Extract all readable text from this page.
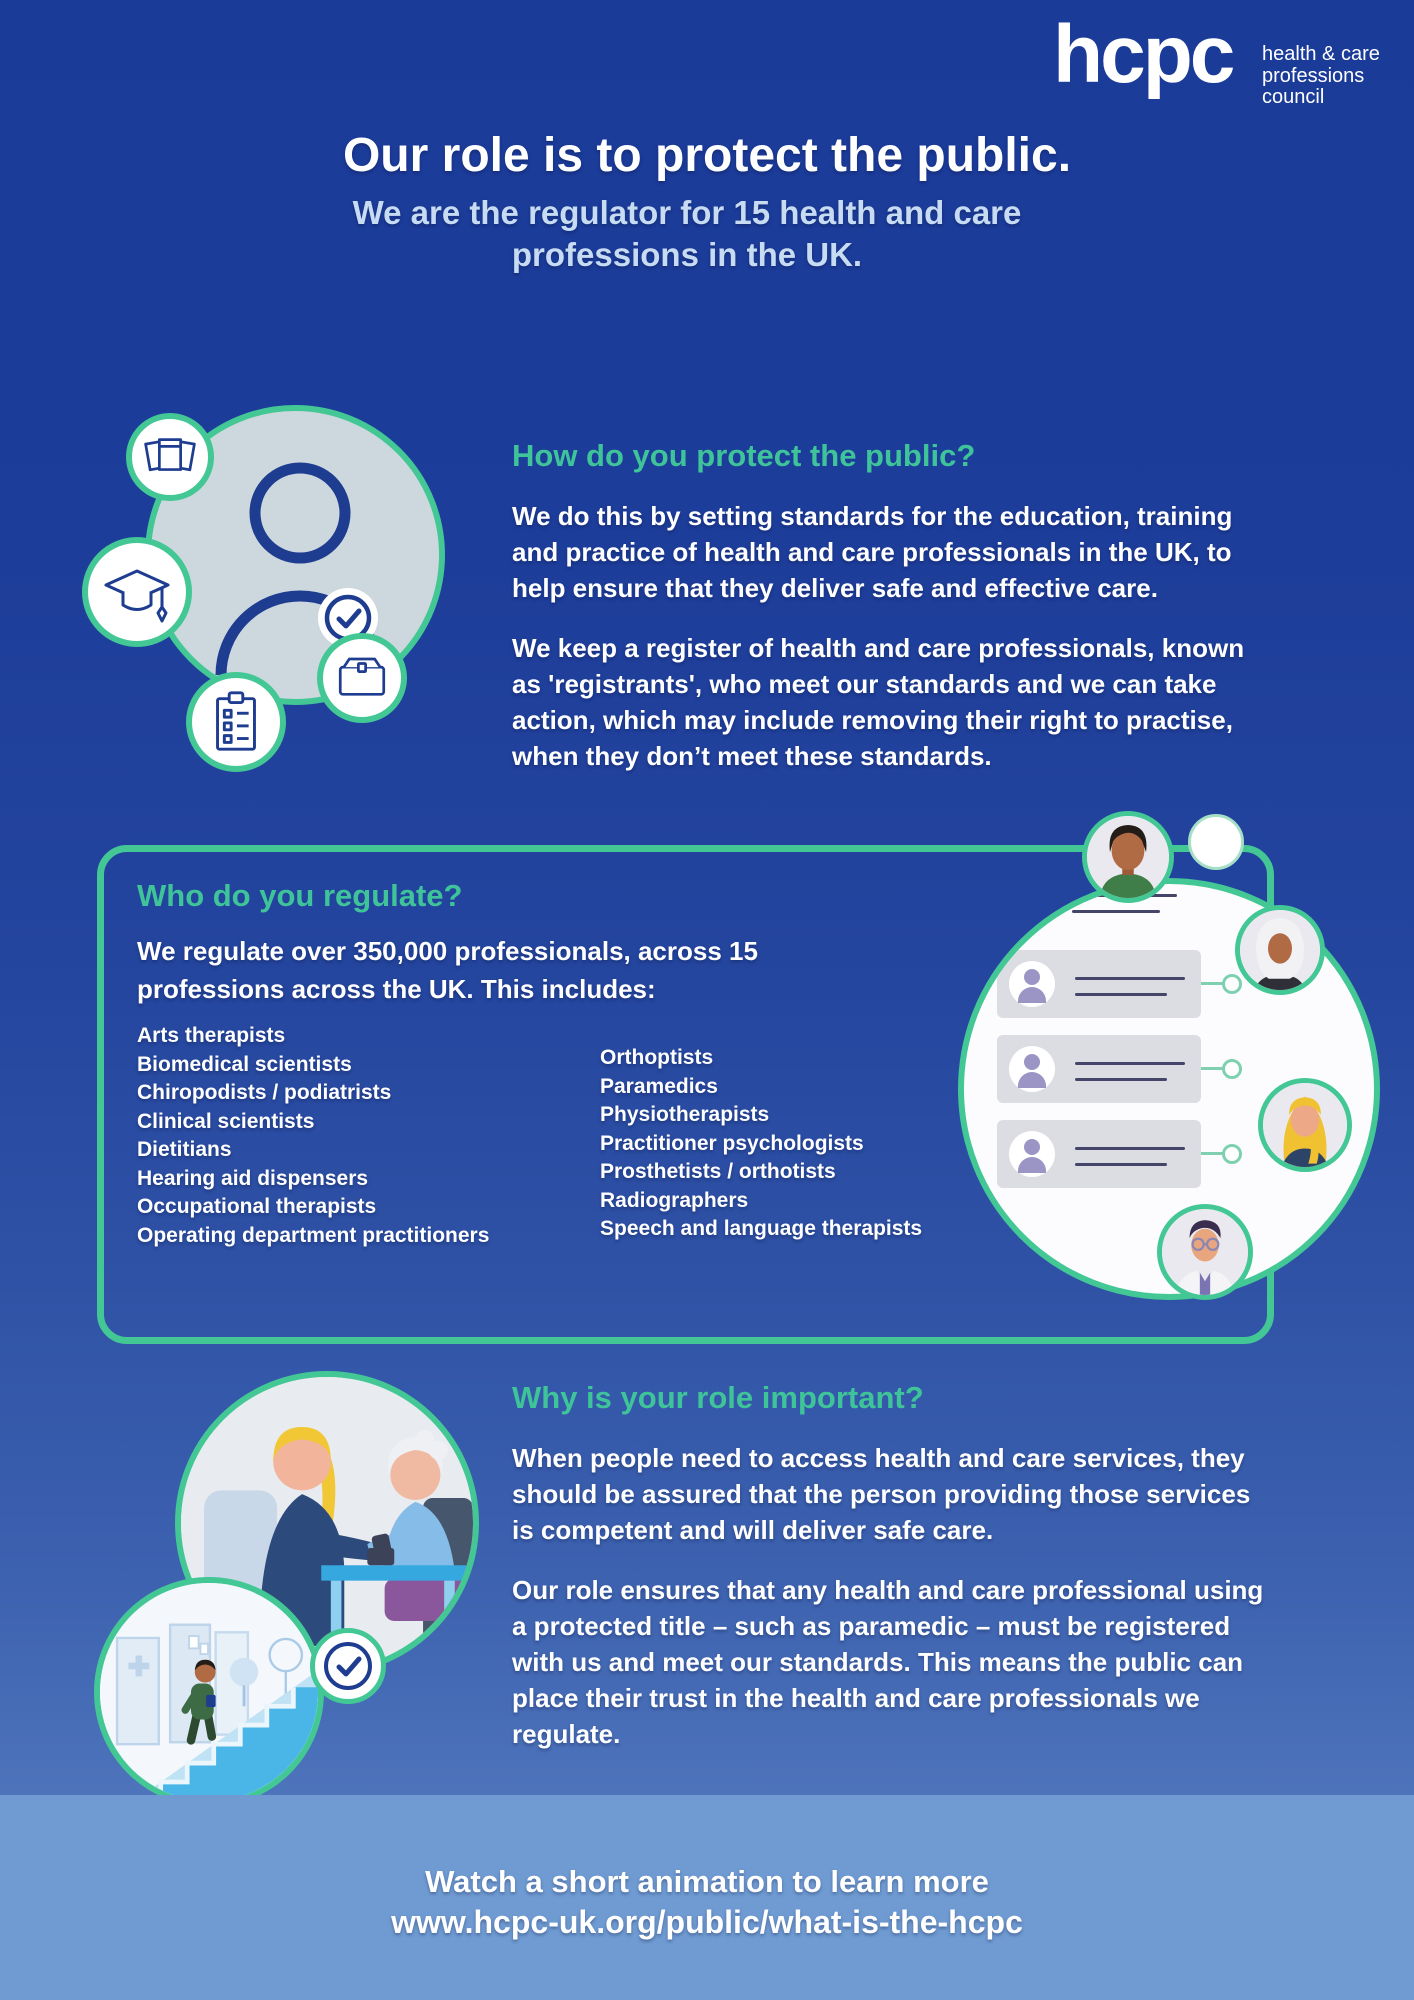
hcpc health & care
professions
council
Our role is to protect the public.
We are the regulator for 15 health and care professions in the UK.
How do you protect the public?

We do this by setting standards for the education, training and practice of health and care professionals in the UK, to help ensure that they deliver safe and effective care.

We keep a register of health and care professionals, known as 'registrants', who meet our standards and we can take action, which may include removing their right to practise, when they don’t meet these standards.

Who do you regulate?
We regulate over 350,000 professionals, across 15 professions across the UK. This includes:
Arts therapists
Biomedical scientists
Chiropodists / podiatrists
Clinical scientists
Dietitians
Hearing aid dispensers
Occupational therapists
Operating department practitioners
Orthoptists
Paramedics
Physiotherapists
Practitioner psychologists
Prosthetists / orthotists
Radiographers
Speech and language therapists
Why is your role important?

When people need to access health and care services, they should be assured that the person providing those services is competent and will deliver safe care.

Our role ensures that any health and care professional using a protected title – such as paramedic – must be registered with us and meet our standards. This means the public can place their trust in the health and care professionals we regulate.

Watch a short animation to learn more
www.hcpc-uk.org/public/what-is-the-hcpc
